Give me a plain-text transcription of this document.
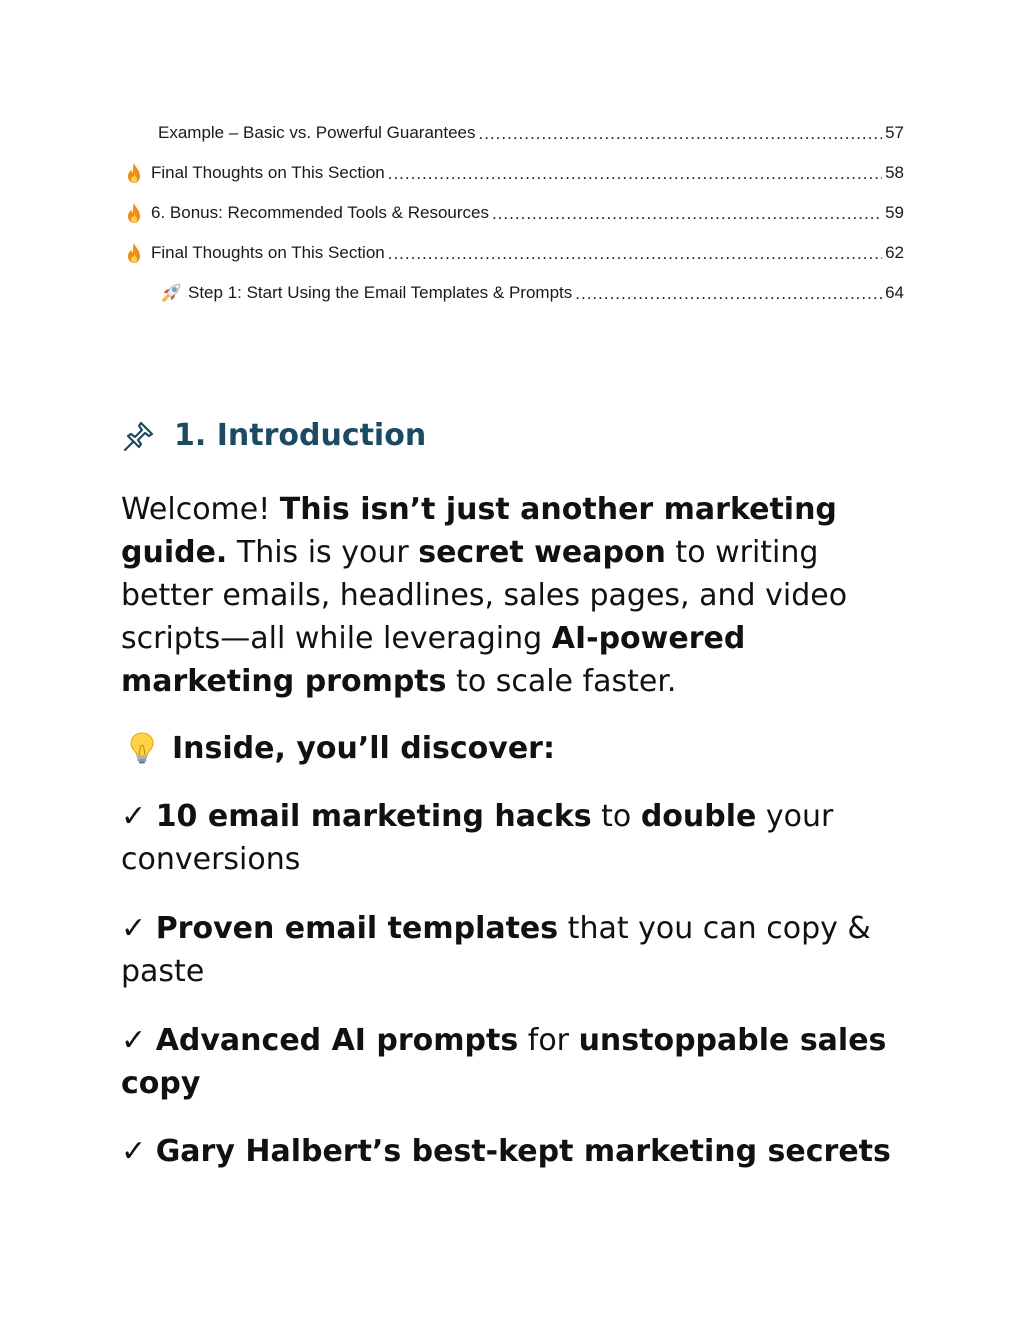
Example – Basic vs. Powerful Guarantees .....	57
Final Thoughts on This Section .....	58
6. Bonus: Recommended Tools & Resources .....	59
Final Thoughts on This Section .....	62
Step 1: Start Using the Email Templates & Prompts .....	64
1. Introduction
Welcome! This isn’t just another marketing guide. This is your secret weapon to writing better emails, headlines, sales pages, and video scripts—all while leveraging AI-powered marketing prompts to scale faster.
Inside, you’ll discover:
✓ 10 email marketing hacks to double your conversions
✓ Proven email templates that you can copy & paste
✓ Advanced AI prompts for unstoppable sales copy
✓ Gary Halbert’s best-kept marketing secrets
